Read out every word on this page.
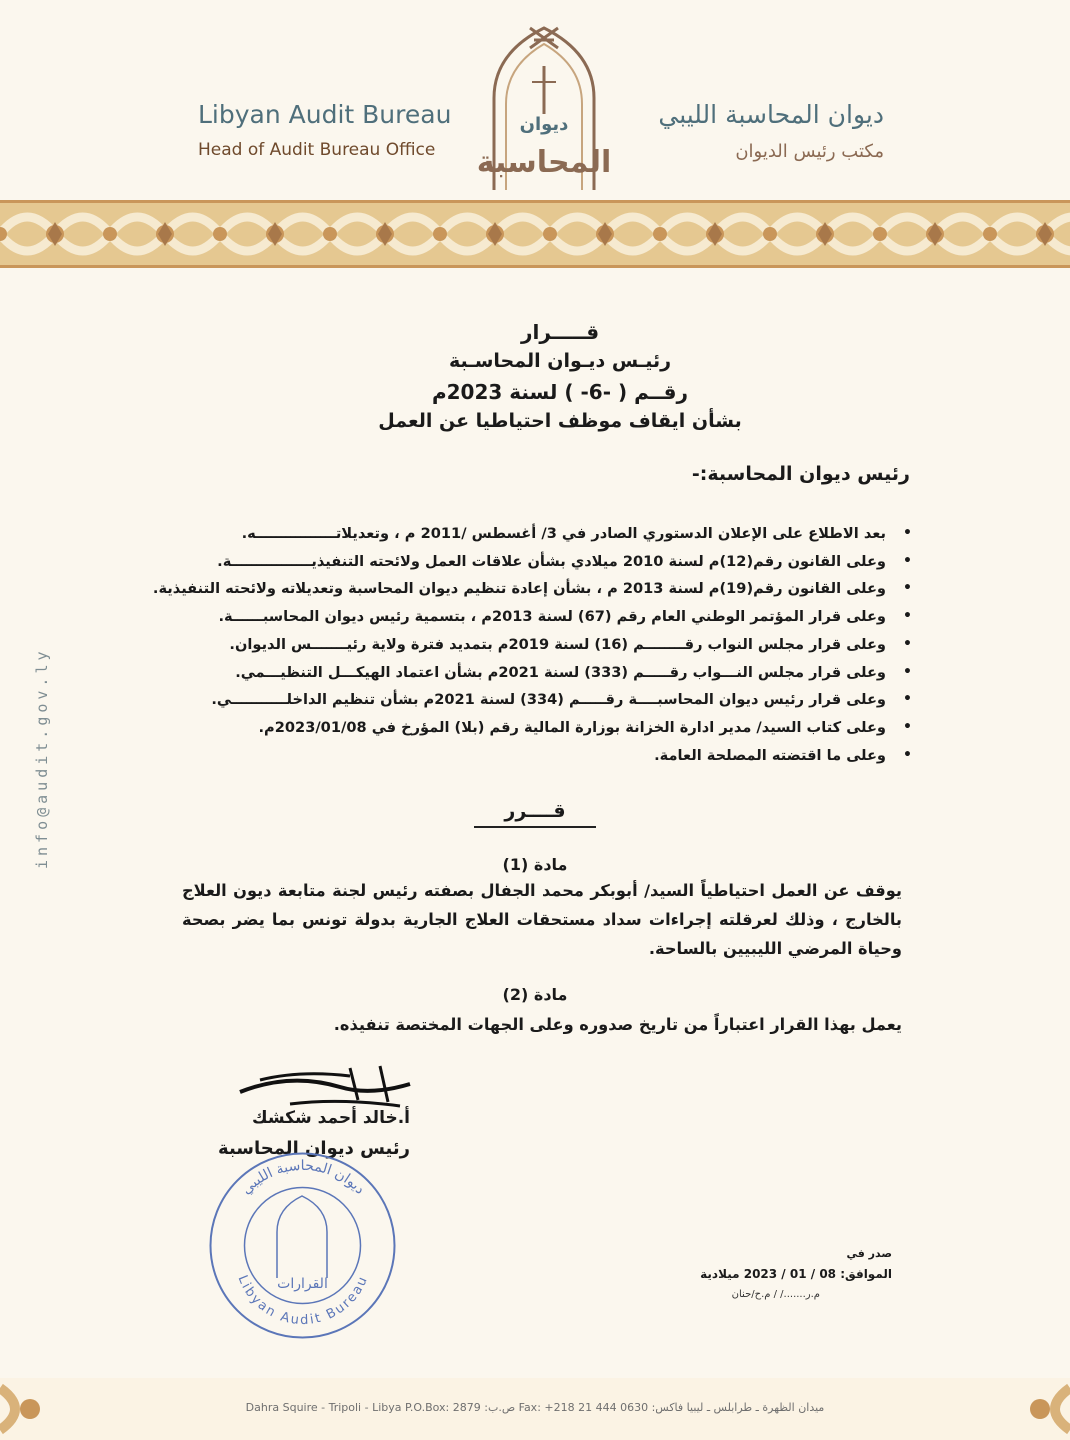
ديوان
المحاسبة
Libyan Audit Bureau
Head of Audit Bureau Office
ديوان المحاسبة الليبي
مكتب رئيس الديوان
info@audit.gov.ly
قـــــرار
رئيـس ديـوان المحاسـبة
رقــم ( -6- ) لسنة 2023م
بشأن ايقاف موظف احتياطيا عن العمل
رئيس ديوان المحاسبة:-
• بعد الاطلاع على الإعلان الدستوري الصادر في 3/ أغسطس /2011 م ، وتعديلاتــــــــــــــــه.
• وعلى القانون رقم(12)م لسنة 2010 ميلادي بشأن علاقات العمل ولائحته التنفيذيــــــــــــــــة.
• وعلى القانون رقم(19)م لسنة 2013 م ، بشأن إعادة تنظيم ديوان المحاسبة وتعديلاته ولائحته التنفيذية.
• وعلى قرار المؤتمر الوطني العام رقم (67) لسنة 2013م ، بتسمية رئيس ديوان المحاسبــــــة.
• وعلى قرار مجلس النواب رقــــــــم (16) لسنة 2019م بتمديد فترة ولاية رئيـــــــس الديوان.
• وعلى قرار مجلس النـــواب رقـــــم (333) لسنة 2021م بشأن اعتماد الهيكـــل التنظيـــمي.
• وعلى قرار رئيس ديوان المحاسبــــة رقـــــم (334) لسنة 2021م بشأن تنظيم الداخلـــــــــــي.
• وعلى كتاب السيد/ مدير ادارة الخزانة بوزارة المالية رقم (بلا) المؤرخ في 2023/01/08م.
• وعلى ما اقتضته المصلحة العامة.
قــــرر
مادة (1)
يوقف عن العمل احتياطياً السيد/ أبوبكر محمد الجفال بصفته رئيس لجنة متابعة ديون العلاج بالخارج ، وذلك لعرقلته إجراءات سداد مستحقات العلاج الجارية بدولة تونس بما يضر بصحة وحياة المرضي الليبيين بالساحة.
مادة (2)
يعمل بهذا القرار اعتباراً من تاريخ صدوره وعلى الجهات المختصة تنفيذه.
أ.خالد أحمد شكشك
رئيس ديوان المحاسبة
ديوان المحاسبة الليبي
Libyan Audit Bureau
القرارات
صدر في
الموافق: 08 / 01 / 2023 ميلادية
م.ر......./ / م.ح/حنان
Dahra Squire - Tripoli - Libya P.O.Box: 2879 :ص.ب Fax: +218 21 444 0630 :ميدان الظهرة ـ طرابلس ـ ليبيا فاكس
